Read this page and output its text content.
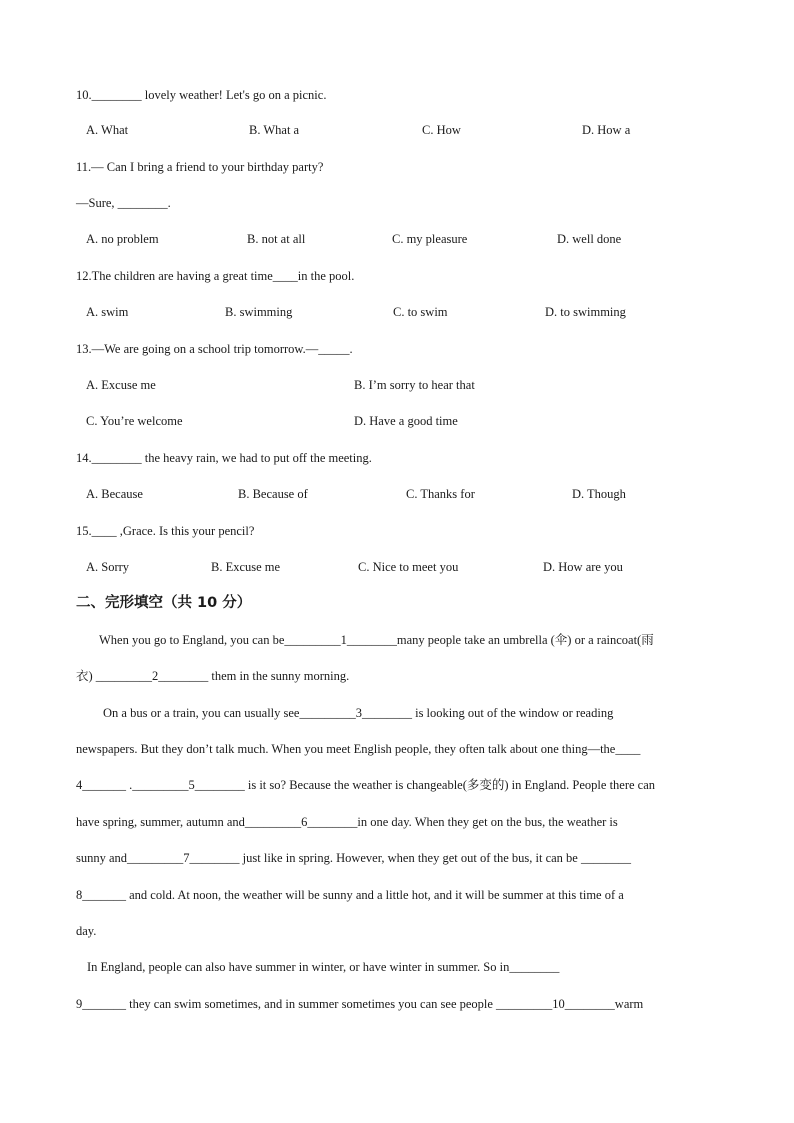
10.________ lovely weather! Let's go on a picnic.
A. What	B. What a	C. How	D. How a
11.— Can I bring a friend to your birthday party?
—Sure, ________.
A. no problem	B. not at all	C. my pleasure	D. well done
12.The children are having a great time____in the pool.
A. swim	B. swimming	C. to swim	D. to swimming
13.—We are going on a school trip tomorrow.—_____.
A. Excuse me	B. I’m sorry to hear that
C. You’re welcome	D. Have a good time
14.________ the heavy rain, we had to put off the meeting.
A. Because	B. Because of	C. Thanks for	D. Though
15.____ ,Grace. Is this your pencil?
A. Sorry	B. Excuse me	C. Nice to meet you	D. How are you
二、完形填空（共 10 分）
When you go to England, you can be_________1________many people take an umbrella (伞) or a raincoat(雨
衣) _________2________ them in the sunny morning.
On a bus or a train, you can usually see_________3________ is looking out of the window or reading
newspapers. But they don’t talk much. When you meet English people, they often talk about one thing—the____
4_______ ._________5________ is it so? Because the weather is changeable(多变的) in England. People there can
have spring, summer, autumn and_________6________in one day. When they get on the bus, the weather is
sunny and_________7________ just like in spring. However, when they get out of the bus, it can be ________
8_______ and cold. At noon, the weather will be sunny and a little hot, and it will be summer at this time of a
day.
In England, people can also have summer in winter, or have winter in summer. So in________
9_______ they can swim sometimes, and in summer sometimes you can see people _________10________warm
